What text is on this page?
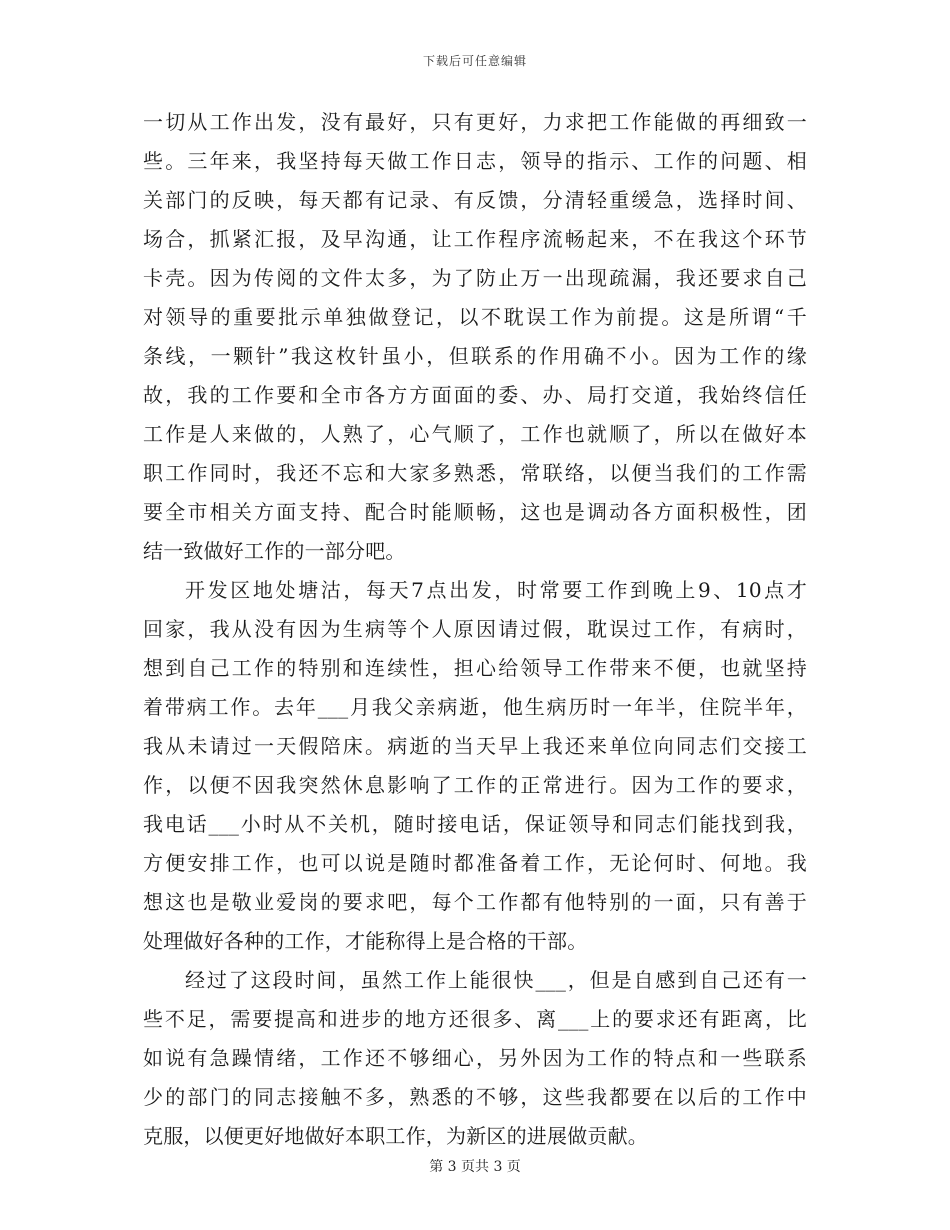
下载后可任意编辑
一切从工作出发，没有最好，只有更好，力求把工作能做的再细致一
些。三年来，我坚持每天做工作日志，领导的指示、工作的问题、相
关部门的反映，每天都有记录、有反馈，分清轻重缓急，选择时间、
场合，抓紧汇报，及早沟通，让工作程序流畅起来，不在我这个环节
卡壳。因为传阅的文件太多，为了防止万一出现疏漏，我还要求自己
对领导的重要批示单独做登记，以不耽误工作为前提。这是所谓“千
条线，一颗针”我这枚针虽小，但联系的作用确不小。因为工作的缘
故，我的工作要和全市各方方面面的委、办、局打交道，我始终信任
工作是人来做的，人熟了，心气顺了，工作也就顺了，所以在做好本
职工作同时，我还不忘和大家多熟悉，常联络，以便当我们的工作需
要全市相关方面支持、配合时能顺畅，这也是调动各方面积极性，团
结一致做好工作的一部分吧。
开发区地处塘沽，每天7点出发，时常要工作到晚上9、10点才
回家，我从没有因为生病等个人原因请过假，耽误过工作，有病时，
想到自己工作的特别和连续性，担心给领导工作带来不便，也就坚持
着带病工作。去年___月我父亲病逝，他生病历时一年半，住院半年，
我从未请过一天假陪床。病逝的当天早上我还来单位向同志们交接工
作，以便不因我突然休息影响了工作的正常进行。因为工作的要求，
我电话___小时从不关机，随时接电话，保证领导和同志们能找到我，
方便安排工作，也可以说是随时都准备着工作，无论何时、何地。我
想这也是敬业爱岗的要求吧，每个工作都有他特别的一面，只有善于
处理做好各种的工作，才能称得上是合格的干部。
经过了这段时间，虽然工作上能很快___，但是自感到自己还有一
些不足，需要提高和进步的地方还很多、离___上的要求还有距离，比
如说有急躁情绪，工作还不够细心，另外因为工作的特点和一些联系
少的部门的同志接触不多，熟悉的不够，这些我都要在以后的工作中
克服，以便更好地做好本职工作，为新区的进展做贡献。
第 3 页共 3 页
